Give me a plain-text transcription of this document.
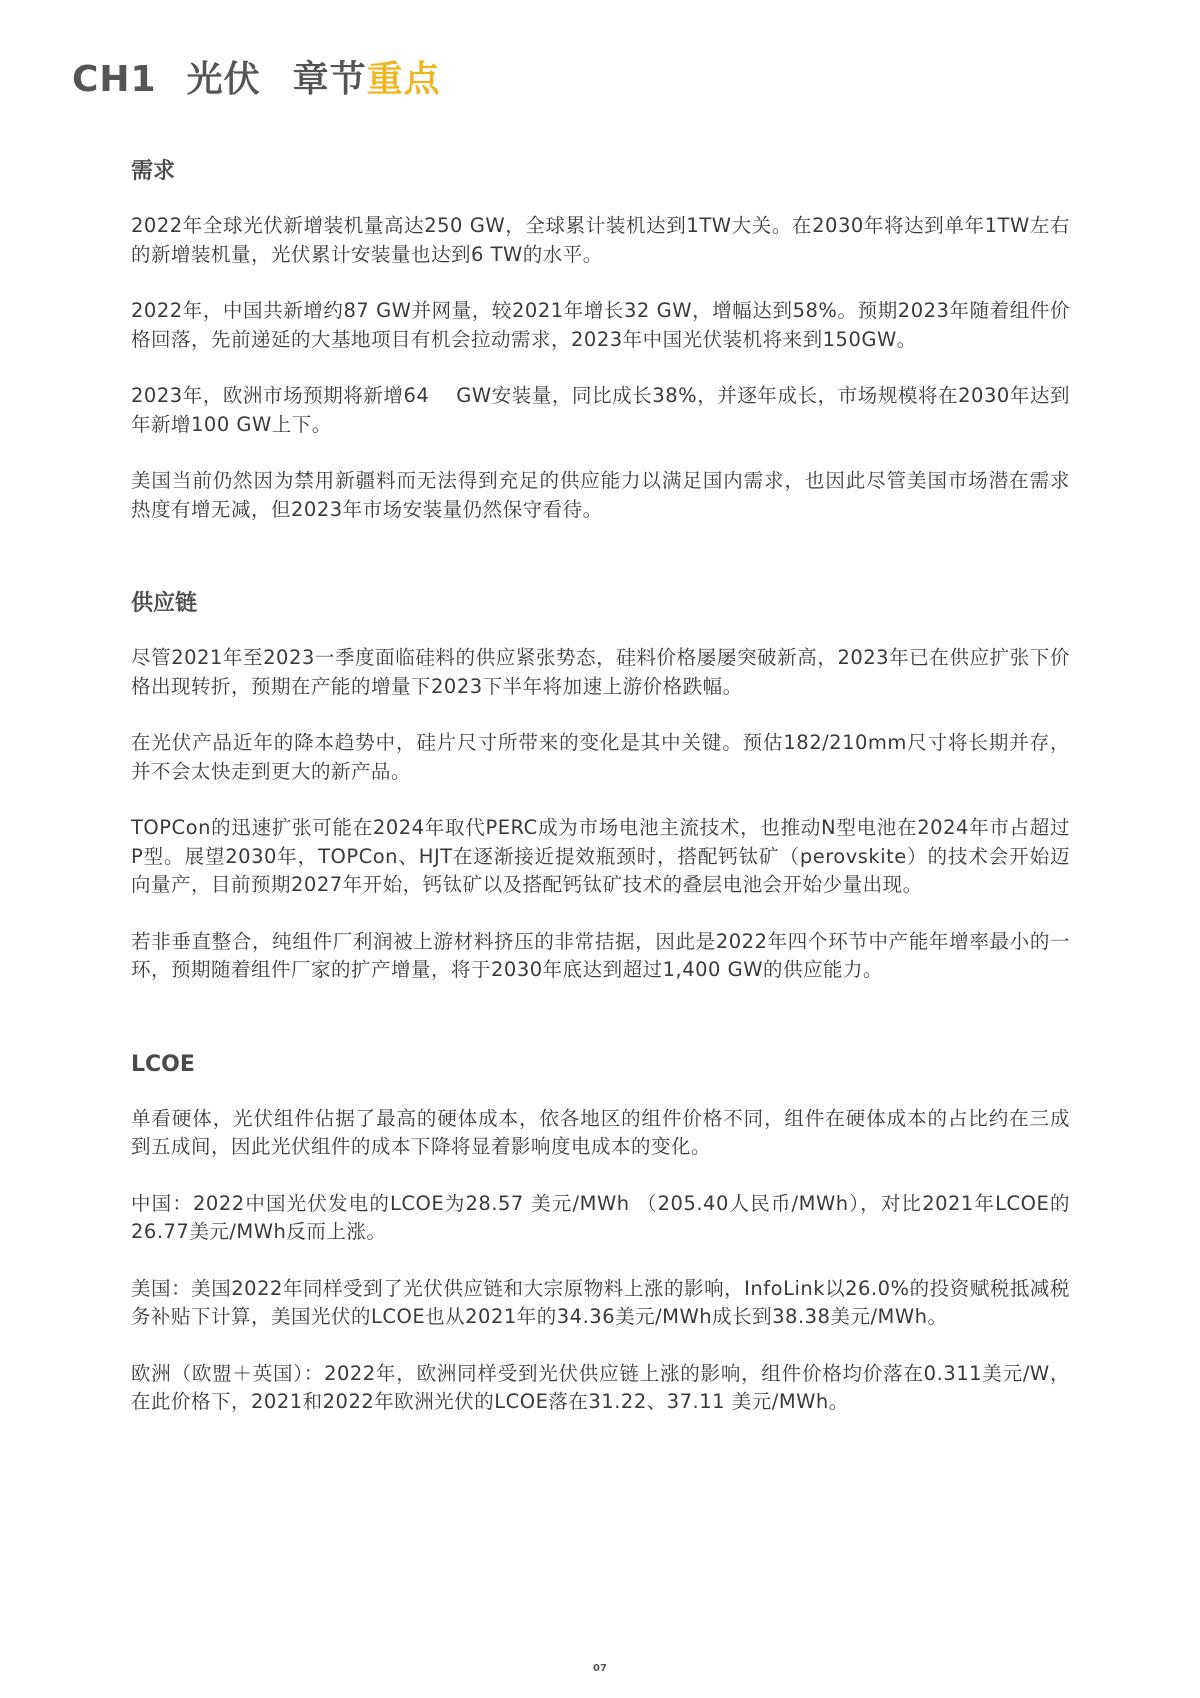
CH1 光伏 章节重点
需求

2022年全球光伏新增装机量高达250 GW，全球累计装机达到1TW大关。在2030年将达到单年1TW左右的新增装机量，光伏累计安装量也达到6 TW的水平。

2022年，中国共新增约87 GW并网量，较2021年增长32 GW，增幅达到58%。预期2023年随着组件价格回落，先前递延的大基地项目有机会拉动需求，2023年中国光伏装机将来到150GW。

2023年，欧洲市场预期将新增64　 GW安装量，同比成长38%，并逐年成长，市场规模将在2030年达到年新增100 GW上下。

美国当前仍然因为禁用新疆料而无法得到充足的供应能力以满足国内需求，也因此尽管美国市场潜在需求热度有增无减，但2023年市场安装量仍然保守看待。

供应链

尽管2021年至2023一季度面临硅料的供应紧张势态，硅料价格屡屡突破新高，2023年已在供应扩张下价格出现转折，预期在产能的增量下2023下半年将加速上游价格跌幅。

在光伏产品近年的降本趋势中，硅片尺寸所带来的变化是其中关键。预估182/210mm尺寸将长期并存，并不会太快走到更大的新产品。

TOPCon的迅速扩张可能在2024年取代PERC成为市场电池主流技术，也推动N型电池在2024年市占超过P型。展望2030年，TOPCon、HJT在逐渐接近提效瓶颈时，搭配钙钛矿（perovskite）的技术会开始迈向量产，目前预期2027年开始，钙钛矿以及搭配钙钛矿技术的叠层电池会开始少量出现。

若非垂直整合，纯组件厂利润被上游材料挤压的非常拮据，因此是2022年四个环节中产能年增率最小的一环，预期随着组件厂家的扩产增量，将于2030年底达到超过1,400 GW的供应能力。

LCOE

单看硬体，光伏组件佔据了最高的硬体成本，依各地区的组件价格不同，组件在硬体成本的占比约在三成到五成间，因此光伏组件的成本下降将显着影响度电成本的变化。

中国：2022中国光伏发电的LCOE为28.57 美元/MWh （205.40人民币/MWh），对比2021年LCOE的26.77美元/MWh反而上涨。

美国：美国2022年同样受到了光伏供应链和大宗原物料上涨的影响，InfoLink以26.0%的投资赋税抵减税务补贴下计算，美国光伏的LCOE也从2021年的34.36美元/MWh成长到38.38美元/MWh。

欧洲（欧盟＋英国）：2022年，欧洲同样受到光伏供应链上涨的影响，组件价格均价落在0.311美元/W，在此价格下，2021和2022年欧洲光伏的LCOE落在31.22、37.11 美元/MWh。

07
